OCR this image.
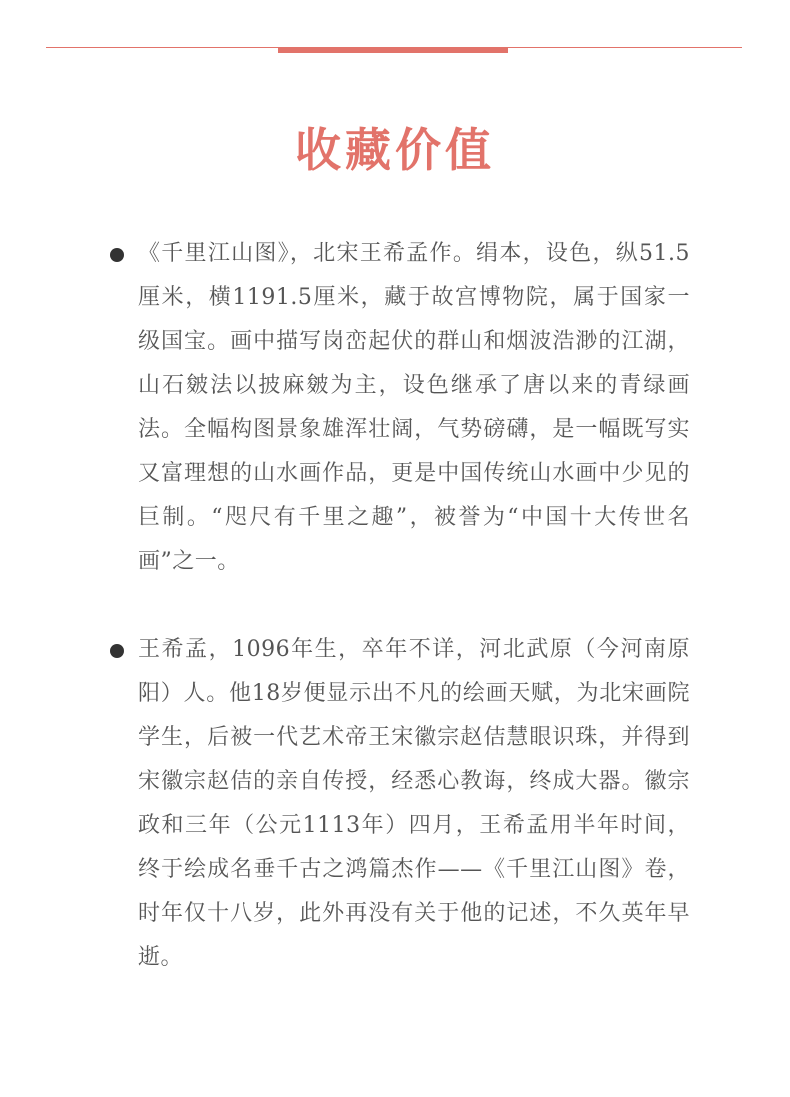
收藏价值

《千里江山图》，北宋王希孟作。绢本，设色，纵51.5厘米，横1191.5厘米，藏于故宫博物院，属于国家一级国宝。画中描写岗峦起伏的群山和烟波浩渺的江湖，山石皴法以披麻皴为主，设色继承了唐以来的青绿画法。全幅构图景象雄浑壮阔，气势磅礴，是一幅既写实又富理想的山水画作品，更是中国传统山水画中少见的巨制。“咫尺有千里之趣”，被誉为“中国十大传世名画”之一。

王希孟，1096年生，卒年不详，河北武原（今河南原阳）人。他18岁便显示出不凡的绘画天赋，为北宋画院学生，后被一代艺术帝王宋徽宗赵佶慧眼识珠，并得到宋徽宗赵佶的亲自传授，经悉心教诲，终成大器。徽宗政和三年（公元1113年）四月，王希孟用半年时间，终于绘成名垂千古之鸿篇杰作——《千里江山图》卷，时年仅十八岁，此外再没有关于他的记述，不久英年早逝。
